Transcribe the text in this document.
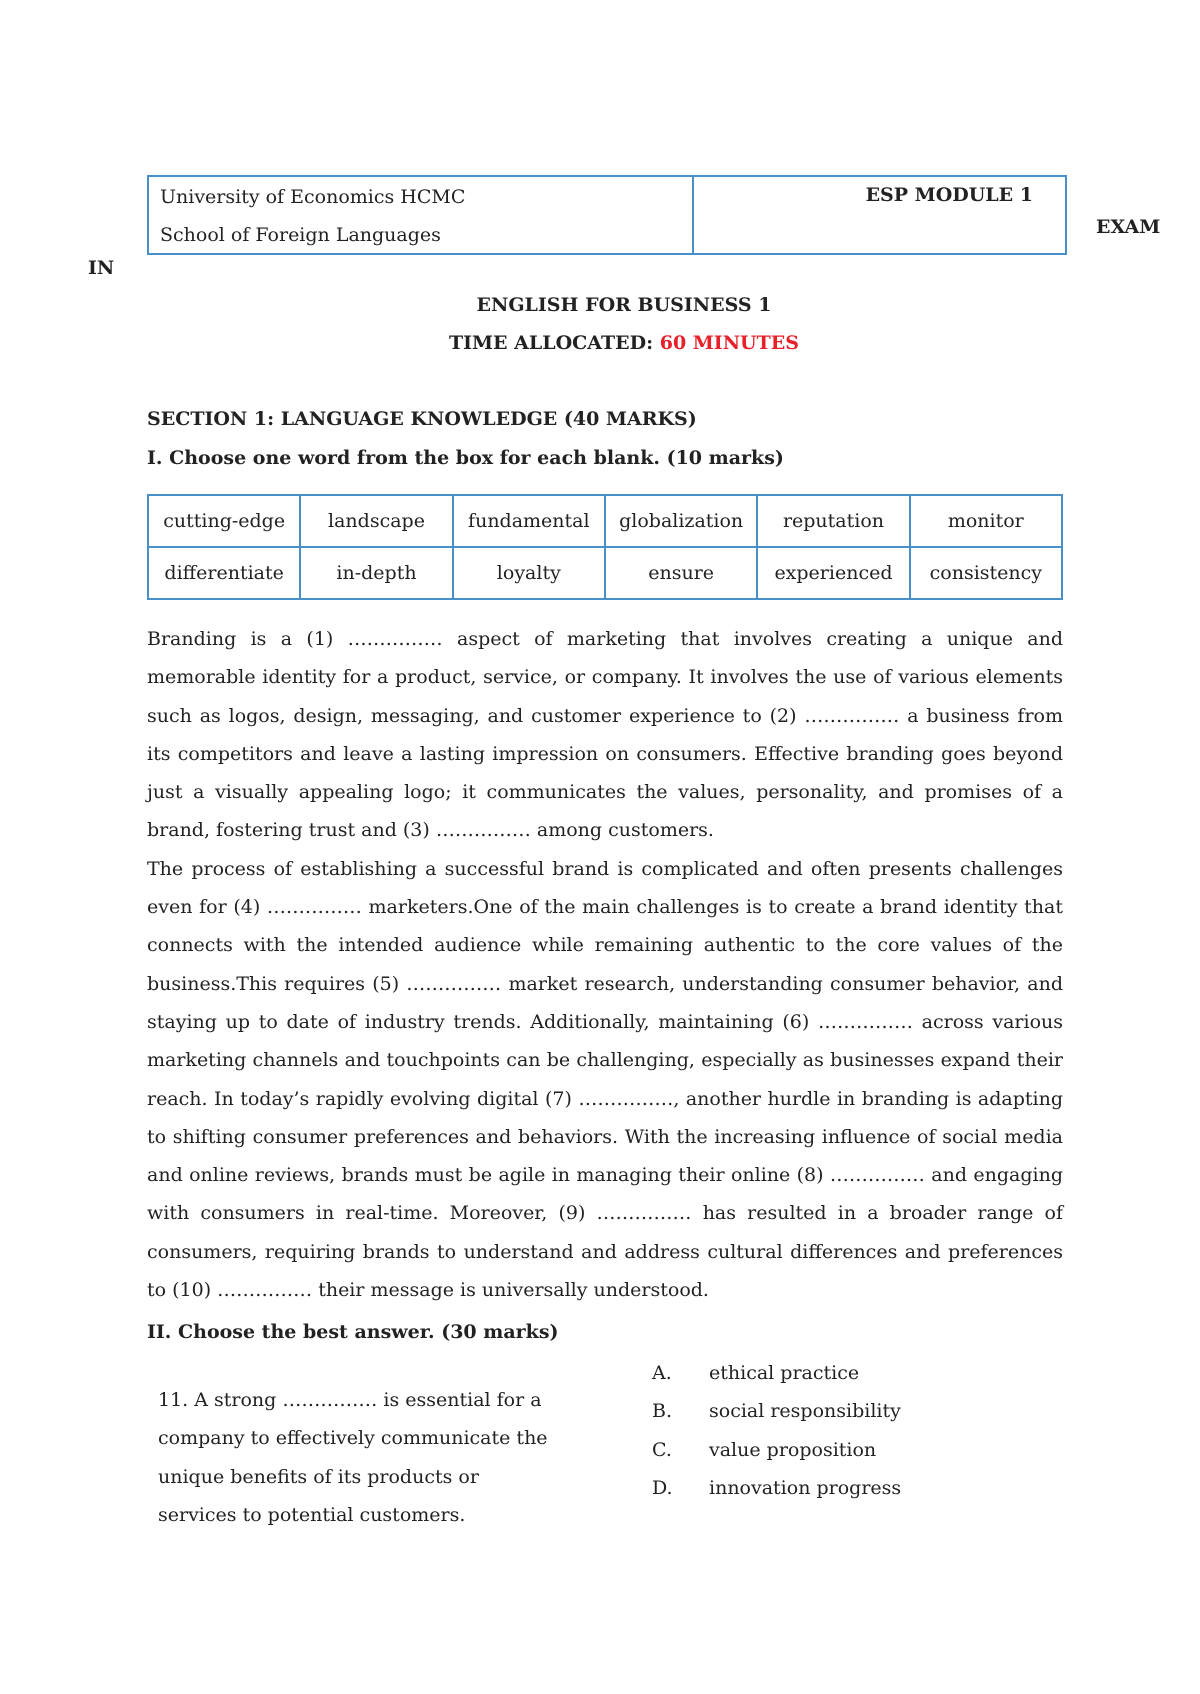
University of Economics HCMC
School of Foreign Languages
ESP MODULE 1
EXAM
IN
ENGLISH FOR BUSINESS 1
TIME ALLOCATED: 60 MINUTES
SECTION 1: LANGUAGE KNOWLEDGE (40 MARKS)
I. Choose one word from the box for each blank. (10 marks)
cutting-edge	landscape	fundamental	globalization	reputation	monitor
differentiate	in-depth	loyalty	ensure	experienced	consistency

Branding is a (1) …………… aspect of marketing that involves creating a unique and memorable identity for a product, service, or company. It involves the use of various elements such as logos, design, messaging, and customer experience to (2) …………… a business from its competitors and leave a lasting impression on consumers. Effective branding goes beyond just a visually appealing logo; it communicates the values, personality, and promises of a brand, fostering trust and (3) …………… among customers.

The process of establishing a successful brand is complicated and often presents challenges even for (4) …………… marketers.One of the main challenges is to create a brand identity that connects with the intended audience while remaining authentic to the core values of the business.This requires (5) …………… market research, understanding consumer behavior, and staying up to date of industry trends. Additionally, maintaining (6) …………… across various marketing channels and touchpoints can be challenging, especially as businesses expand their reach. In today’s rapidly evolving digital (7) ……………, another hurdle in branding is adapting to shifting consumer preferences and behaviors. With the increasing influence of social media and online reviews, brands must be agile in managing their online (8) …………… and engaging with consumers in real-time. Moreover, (9) …………… has resulted in a broader range of consumers, requiring brands to understand and address cultural differences and preferences to (10) …………… their message is universally understood.

II. Choose the best answer. (30 marks)
11. A strong …………… is essential for a company to effectively communicate the unique benefits of its products or services to potential customers.
A.	ethical practice
B.	social responsibility
C.	value proposition
D.	innovation progress
